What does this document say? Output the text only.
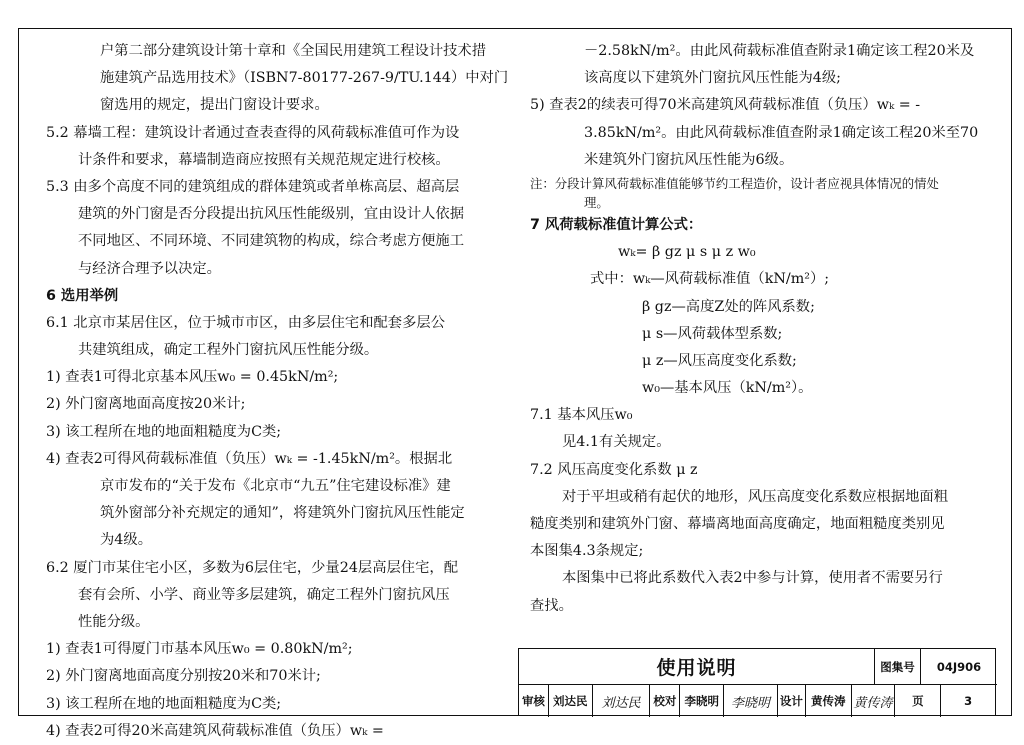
户第二部分建筑设计第十章和《全国民用建筑工程设计技术措
施建筑产品选用技术》（ISBN7-80177-267-9/TU.144）中对门
窗选用的规定，提出门窗设计要求。
5.2 幕墙工程：建筑设计者通过查表查得的风荷载标准值可作为设
计条件和要求，幕墙制造商应按照有关规范规定进行校核。
5.3 由多个高度不同的建筑组成的群体建筑或者单栋高层、超高层
建筑的外门窗是否分段提出抗风压性能级别，宜由设计人依据
不同地区、不同环境、不同建筑物的构成，综合考虑方便施工
与经济合理予以决定。
6 选用举例
6.1 北京市某居住区，位于城市市区，由多层住宅和配套多层公
共建筑组成，确定工程外门窗抗风压性能分级。
1) 查表1可得北京基本风压w₀ = 0.45kN/m²;
2) 外门窗离地面高度按20米计;
3) 该工程所在地的地面粗糙度为C类;
4) 查表2可得风荷载标准值（负压）wₖ = -1.45kN/m²。根据北
京市发布的“关于发布《北京市“九五”住宅建设标准》建
筑外窗部分补充规定的通知”，将建筑外门窗抗风压性能定
为4级。
6.2 厦门市某住宅小区，多数为6层住宅，少量24层高层住宅，配
套有会所、小学、商业等多层建筑，确定工程外门窗抗风压
性能分级。
1) 查表1可得厦门市基本风压w₀ = 0.80kN/m²;
2) 外门窗离地面高度分别按20米和70米计;
3) 该工程所在地的地面粗糙度为C类;
4) 查表2可得20米高建筑风荷载标准值（负压）wₖ =
－2.58kN/m²。由此风荷载标准值查附录1确定该工程20米及
该高度以下建筑外门窗抗风压性能为4级;
5) 查表2的续表可得70米高建筑风荷载标准值（负压）wₖ = -
3.85kN/m²。由此风荷载标准值查附录1确定该工程20米至70
米建筑外门窗抗风压性能为6级。
注：分段计算风荷载标准值能够节约工程造价，设计者应视具体情况的情处
理。
7 风荷载标准值计算公式：
wₖ= β gz μ s μ z w₀
式中：wₖ—风荷载标准值（kN/m²）;
β gz—高度Z处的阵风系数;
μ s—风荷载体型系数;
μ z—风压高度变化系数;
w₀—基本风压（kN/m²）。
7.1 基本风压w₀
见4.1有关规定。
7.2 风压高度变化系数 μ z
对于平坦或稍有起伏的地形，风压高度变化系数应根据地面粗
糙度类别和建筑外门窗、幕墙离地面高度确定，地面粗糙度类别见
本图集4.3条规定;
本图集中已将此系数代入表2中参与计算，使用者不需要另行
查找。
使用说明	图集号	04J906
审核 刘达民	刘达民	校对 李晓明 李晓明 设计 黄传涛 黄传涛	页	3
